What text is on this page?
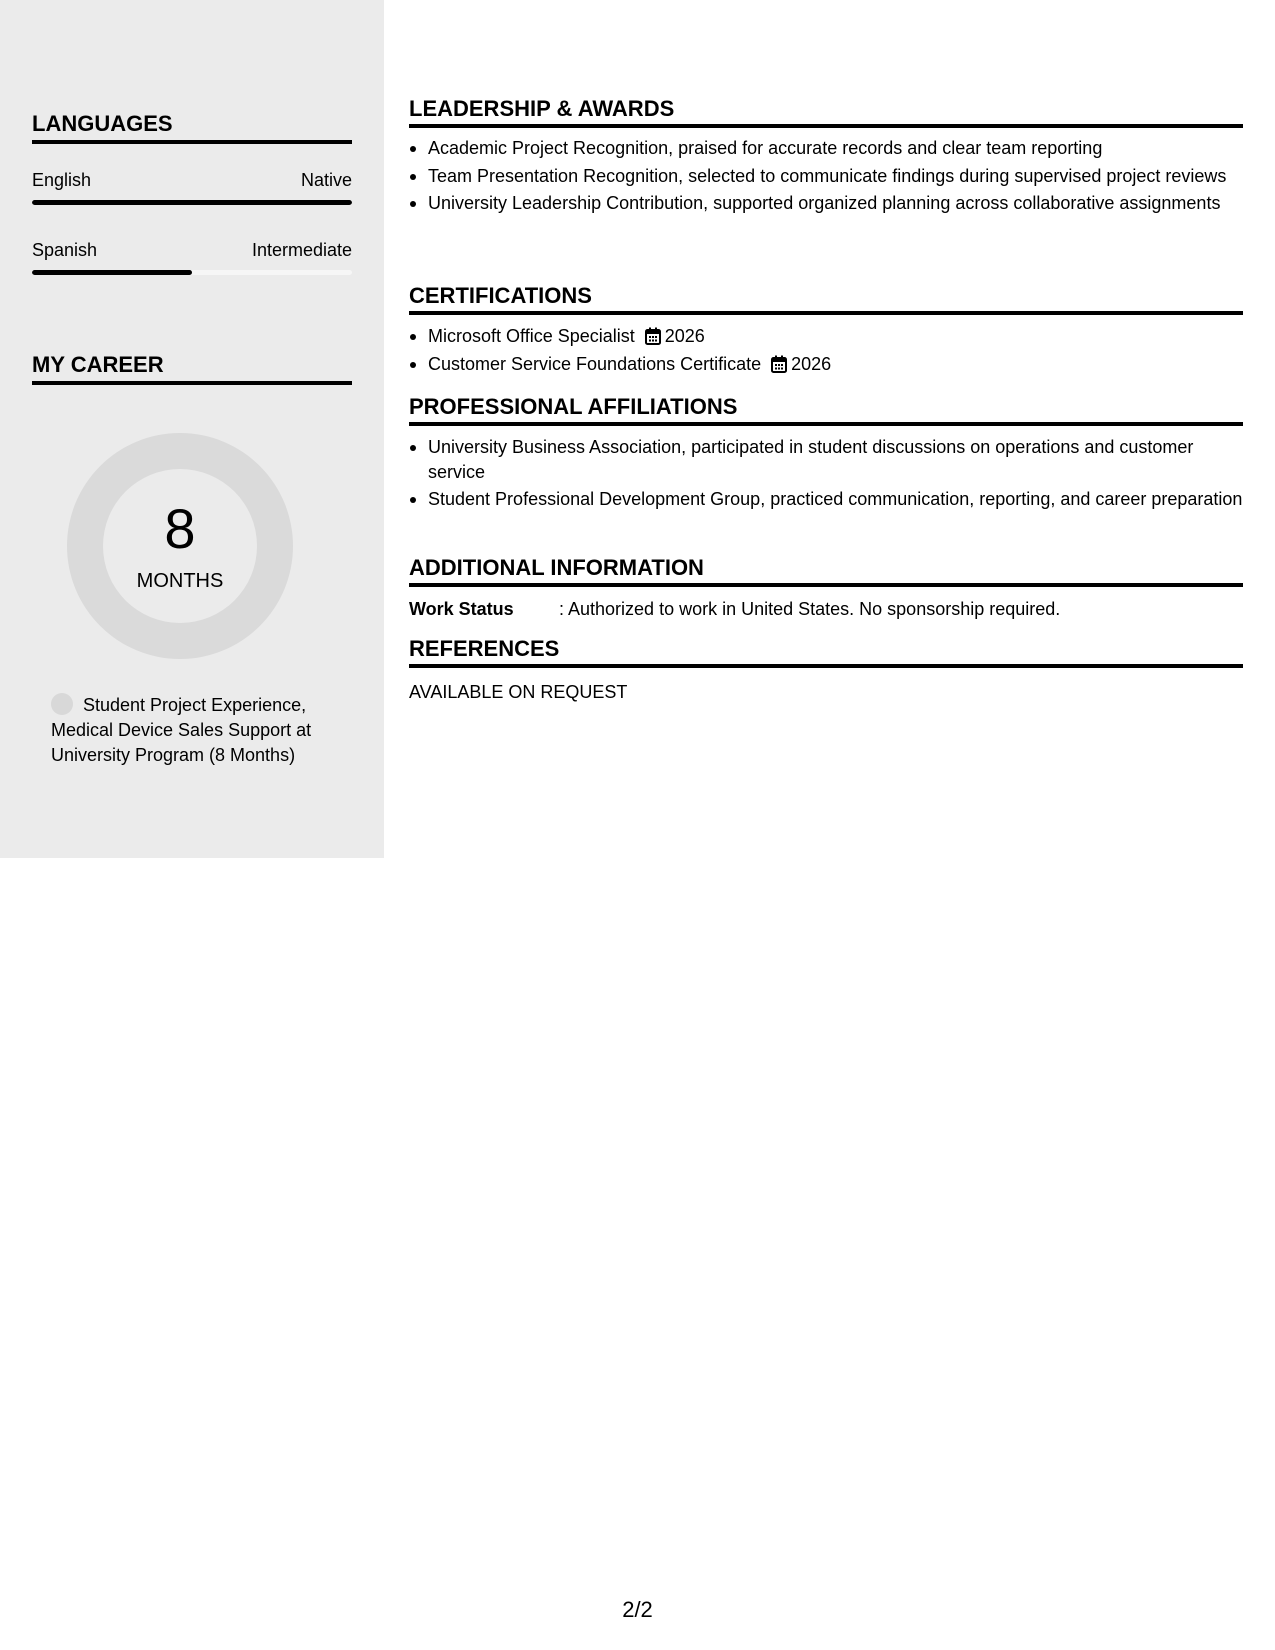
LANGUAGES
English	Native
Spanish	Intermediate
MY CAREER
8
MONTHS
Student Project Experience, Medical Device Sales Support at University Program (8 Months)
LEADERSHIP & AWARDS
Academic Project Recognition, praised for accurate records and clear team reporting
Team Presentation Recognition, selected to communicate findings during supervised project reviews
University Leadership Contribution, supported organized planning across collaborative assignments
CERTIFICATIONS
Microsoft Office Specialist 2026
Customer Service Foundations Certificate 2026
PROFESSIONAL AFFILIATIONS
University Business Association, participated in student discussions on operations and customer service
Student Professional Development Group, practiced communication, reporting, and career preparation
ADDITIONAL INFORMATION
Work Status	: Authorized to work in United States. No sponsorship required.
REFERENCES
AVAILABLE ON REQUEST
2/2
